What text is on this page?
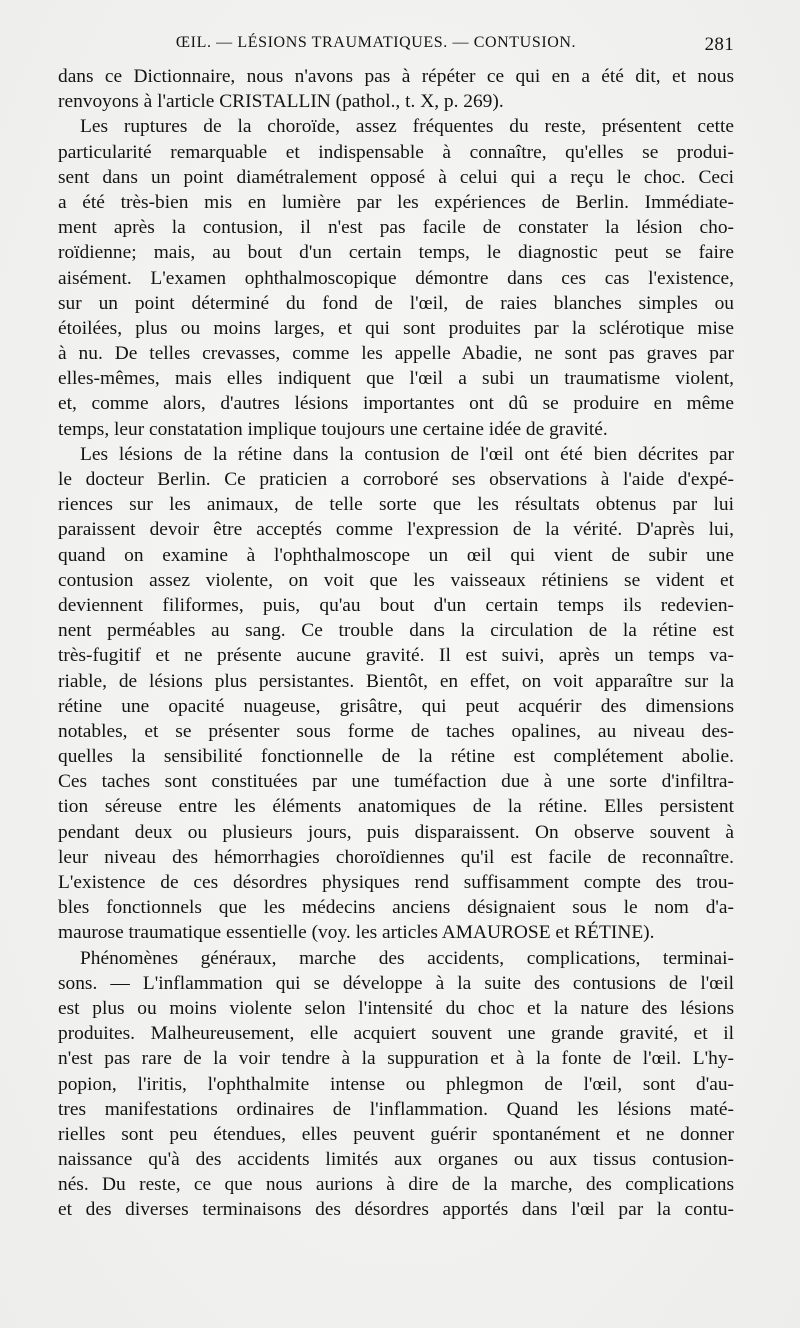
ŒIL. — LÉSIONS TRAUMATIQUES. — CONTUSION.	281
dans ce Dictionnaire, nous n'avons pas à répéter ce qui en a été dit, et nous
renvoyons à l'article CRISTALLIN (pathol., t. X, p. 269).
Les ruptures de la choroïde, assez fréquentes du reste, présentent cette
particularité remarquable et indispensable à connaître, qu'elles se produi-
sent dans un point diamétralement opposé à celui qui a reçu le choc. Ceci
a été très-bien mis en lumière par les expériences de Berlin. Immédiate-
ment après la contusion, il n'est pas facile de constater la lésion cho-
roïdienne; mais, au bout d'un certain temps, le diagnostic peut se faire
aisément. L'examen ophthalmoscopique démontre dans ces cas l'existence,
sur un point déterminé du fond de l'œil, de raies blanches simples ou
étoilées, plus ou moins larges, et qui sont produites par la sclérotique mise
à nu. De telles crevasses, comme les appelle Abadie, ne sont pas graves par
elles-mêmes, mais elles indiquent que l'œil a subi un traumatisme violent,
et, comme alors, d'autres lésions importantes ont dû se produire en même
temps, leur constatation implique toujours une certaine idée de gravité.
Les lésions de la rétine dans la contusion de l'œil ont été bien décrites par
le docteur Berlin. Ce praticien a corroboré ses observations à l'aide d'expé-
riences sur les animaux, de telle sorte que les résultats obtenus par lui
paraissent devoir être acceptés comme l'expression de la vérité. D'après lui,
quand on examine à l'ophthalmoscope un œil qui vient de subir une
contusion assez violente, on voit que les vaisseaux rétiniens se vident et
deviennent filiformes, puis, qu'au bout d'un certain temps ils redevien-
nent perméables au sang. Ce trouble dans la circulation de la rétine est
très-fugitif et ne présente aucune gravité. Il est suivi, après un temps va-
riable, de lésions plus persistantes. Bientôt, en effet, on voit apparaître sur la
rétine une opacité nuageuse, grisâtre, qui peut acquérir des dimensions
notables, et se présenter sous forme de taches opalines, au niveau des-
quelles la sensibilité fonctionnelle de la rétine est complétement abolie.
Ces taches sont constituées par une tuméfaction due à une sorte d'infiltra-
tion séreuse entre les éléments anatomiques de la rétine. Elles persistent
pendant deux ou plusieurs jours, puis disparaissent. On observe souvent à
leur niveau des hémorrhagies choroïdiennes qu'il est facile de reconnaître.
L'existence de ces désordres physiques rend suffisamment compte des trou-
bles fonctionnels que les médecins anciens désignaient sous le nom d'a-
maurose traumatique essentielle (voy. les articles AMAUROSE et RÉTINE).
Phénomènes généraux, marche des accidents, complications, terminai-
sons. — L'inflammation qui se développe à la suite des contusions de l'œil
est plus ou moins violente selon l'intensité du choc et la nature des lésions
produites. Malheureusement, elle acquiert souvent une grande gravité, et il
n'est pas rare de la voir tendre à la suppuration et à la fonte de l'œil. L'hy-
popion, l'iritis, l'ophthalmite intense ou phlegmon de l'œil, sont d'au-
tres manifestations ordinaires de l'inflammation. Quand les lésions maté-
rielles sont peu étendues, elles peuvent guérir spontanément et ne donner
naissance qu'à des accidents limités aux organes ou aux tissus contusion-
nés. Du reste, ce que nous aurions à dire de la marche, des complications
et des diverses terminaisons des désordres apportés dans l'œil par la contu-
